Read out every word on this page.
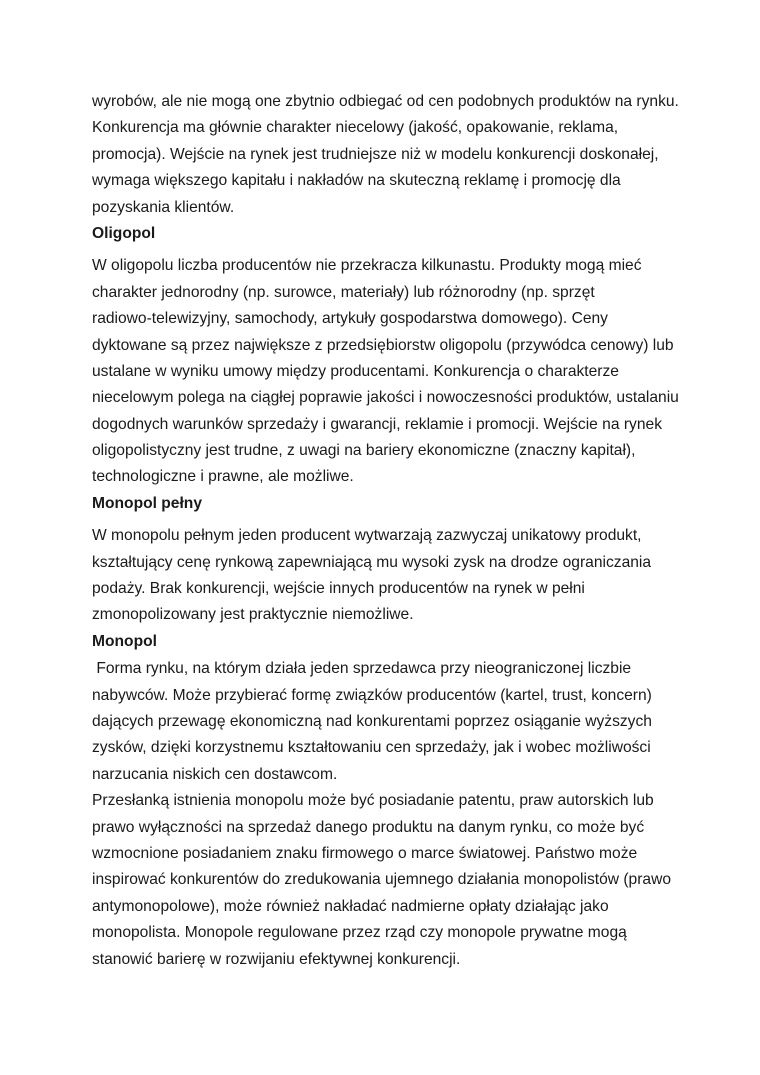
wyrobów, ale nie mogą one zbytnio odbiegać od cen podobnych produktów na rynku.
Konkurencja ma głównie charakter niecelowy (jakość, opakowanie, reklama,
promocja). Wejście na rynek jest trudniejsze niż w modelu konkurencji doskonałej,
wymaga większego kapitału i nakładów na skuteczną reklamę i promocję dla
pozyskania klientów.
Oligopol
W oligopolu liczba producentów nie przekracza kilkunastu. Produkty mogą mieć
charakter jednorodny (np. surowce, materiały) lub różnorodny (np. sprzęt
radiowo-telewizyjny, samochody, artykuły gospodarstwa domowego). Ceny
dyktowane są przez największe z przedsiębiorstw oligopolu (przywódca cenowy) lub
ustalane w wyniku umowy między producentami. Konkurencja o charakterze
niecelowym polega na ciągłej poprawie jakości i nowoczesności produktów, ustalaniu
dogodnych warunków sprzedaży i gwarancji, reklamie i promocji. Wejście na rynek
oligopolistyczny jest trudne, z uwagi na bariery ekonomiczne (znaczny kapitał),
technologiczne i prawne, ale możliwe.
Monopol pełny
W monopolu pełnym jeden producent wytwarzają zazwyczaj unikatowy produkt,
kształtujący cenę rynkową zapewniającą mu wysoki zysk na drodze ograniczania
podaży. Brak konkurencji, wejście innych producentów na rynek w pełni
zmonopolizowany jest praktycznie niemożliwe.
Monopol
Forma rynku, na którym działa jeden sprzedawca przy nieograniczonej liczbie
nabywców. Może przybierać formę związków producentów (kartel, trust, koncern)
dających przewagę ekonomiczną nad konkurentami poprzez osiąganie wyższych
zysków, dzięki korzystnemu kształtowaniu cen sprzedaży, jak i wobec możliwości
narzucania niskich cen dostawcom.
Przesłanką istnienia monopolu może być posiadanie patentu, praw autorskich lub
prawo wyłączności na sprzedaż danego produktu na danym rynku, co może być
wzmocnione posiadaniem znaku firmowego o marce światowej. Państwo może
inspirować konkurentów do zredukowania ujemnego działania monopolistów (prawo
antymonopolowe), może również nakładać nadmierne opłaty działając jako
monopolista. Monopole regulowane przez rząd czy monopole prywatne mogą
stanowić barierę w rozwijaniu efektywnej konkurencji.
